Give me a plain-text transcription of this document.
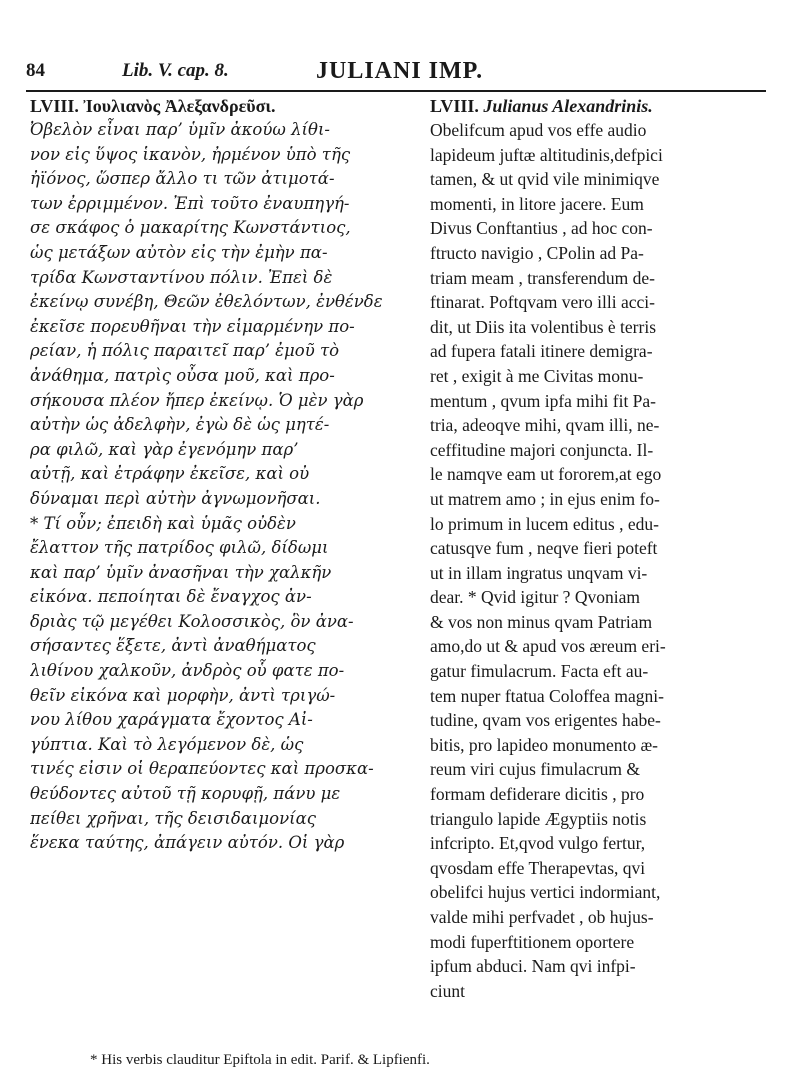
84	Lib. V. cap. 8.	JULIANI IMP.
LVIII. Ἰουλιανὸς Ἀλεξανδρεῦσι.
Ὀβελὸν εἶναι παρ’ ὑμῖν ἀκούω λίθι-
νον εἰς ὕψος ἱκανὸν, ἠρμένον ὑπὸ τῆς
ἠϊόνος, ὥσπερ ἄλλο τι τῶν ἀτιμοτά-
των ἐρριμμένον. Ἐπὶ τοῦτο ἐναυπηγή-
σε σκάφος ὁ μακαρίτης Κωνστάντιος,
ὡς μετάξων αὐτὸν εἰς τὴν ἐμὴν πα-
τρίδα Κωνσταντίνου πόλιν. Ἐπεὶ δὲ
ἐκείνῳ συνέβη, Θεῶν ἐθελόντων, ἐνθένδε
ἐκεῖσε πορευθῆναι τὴν εἱμαρμένην πο-
ρείαν, ἡ πόλις παραιτεῖ παρ’ ἐμοῦ τὸ
ἀνάθημα, πατρὶς οὖσα μοῦ, καὶ προ-
σήκουσα πλέον ἤπερ ἐκείνῳ. Ὁ μὲν γὰρ
αὐτὴν ὡς ἀδελφὴν, ἐγὼ δὲ ὡς μητέ-
ρα φιλῶ, καὶ γὰρ ἐγενόμην παρ’
αὐτῇ, καὶ ἐτράφην ἐκεῖσε, καὶ οὐ
δύναμαι περὶ αὐτὴν ἀγνωμονῆσαι.
* Τί οὖν; ἐπειδὴ καὶ ὑμᾶς οὐδὲν
ἔλαττον τῆς πατρίδος φιλῶ, δίδωμι
καὶ παρ’ ὑμῖν ἀνασῆναι τὴν χαλκῆν
εἰκόνα. πεποίηται δὲ ἔναγχος ἀν-
δριὰς τῷ μεγέθει Κολοσσικὸς, ὃν ἀνα-
σήσαντες ἕξετε, ἀντὶ ἀναθήματος
λιθίνου χαλκοῦν, ἀνδρὸς οὗ φατε πο-
θεῖν εἰκόνα καὶ μορφὴν, ἀντὶ τριγώ-
νου λίθου χαράγματα ἔχοντος Αἰ-
γύπτια. Καὶ τὸ λεγόμενον δὲ, ὡς
τινές εἰσιν οἱ θεραπεύοντες καὶ προσκα-
θεύδοντες αὐτοῦ τῇ κορυφῇ, πάνυ με
πείθει χρῆναι, τῆς δεισιδαιμονίας
ἕνεκα ταύτης, ἀπάγειν αὐτόν. Οἱ γὰρ
LVIII. Julianus Alexandrinis.
Obelifcum apud vos effe audio
lapideum juftæ altitudinis,defpici
tamen, & ut qvid vile minimiqve
momenti, in litore jacere. Eum
Divus Conftantius , ad hoc con-
ftructo navigio , CPolin ad Pa-
triam meam , transferendum de-
ftinarat. Poftqvam vero illi acci-
dit, ut Diis ita volentibus è terris
ad fupera fatali itinere demigra-
ret , exigit à me Civitas monu-
mentum , qvum ipfa mihi fit Pa-
tria, adeoqve mihi, qvam illi, ne-
ceffitudine majori conjuncta. Il-
le namqve eam ut fororem,at ego
ut matrem amo ; in ejus enim fo-
lo primum in lucem editus , edu-
catusqve fum , neqve fieri poteft
ut in illam ingratus unqvam vi-
dear. * Qvid igitur ? Qvoniam
& vos non minus qvam Patriam
amo,do ut & apud vos æreum eri-
gatur fimulacrum. Facta eft au-
tem nuper ftatua Coloffea magni-
tudine, qvam vos erigentes habe-
bitis, pro lapideo monumento æ-
reum viri cujus fimulacrum &
formam defiderare dicitis , pro
triangulo lapide Ægyptiis notis
infcripto. Et,qvod vulgo fertur,
qvosdam effe Therapevtas, qvi
obelifci hujus vertici indormiant,
valde mihi perfvadet , ob hujus-
modi fuperftitionem oportere
ipfum abduci. Nam qvi infpi-
ciunt
* His verbis clauditur Epiftola in edit. Parif. & Lipfienfi.
